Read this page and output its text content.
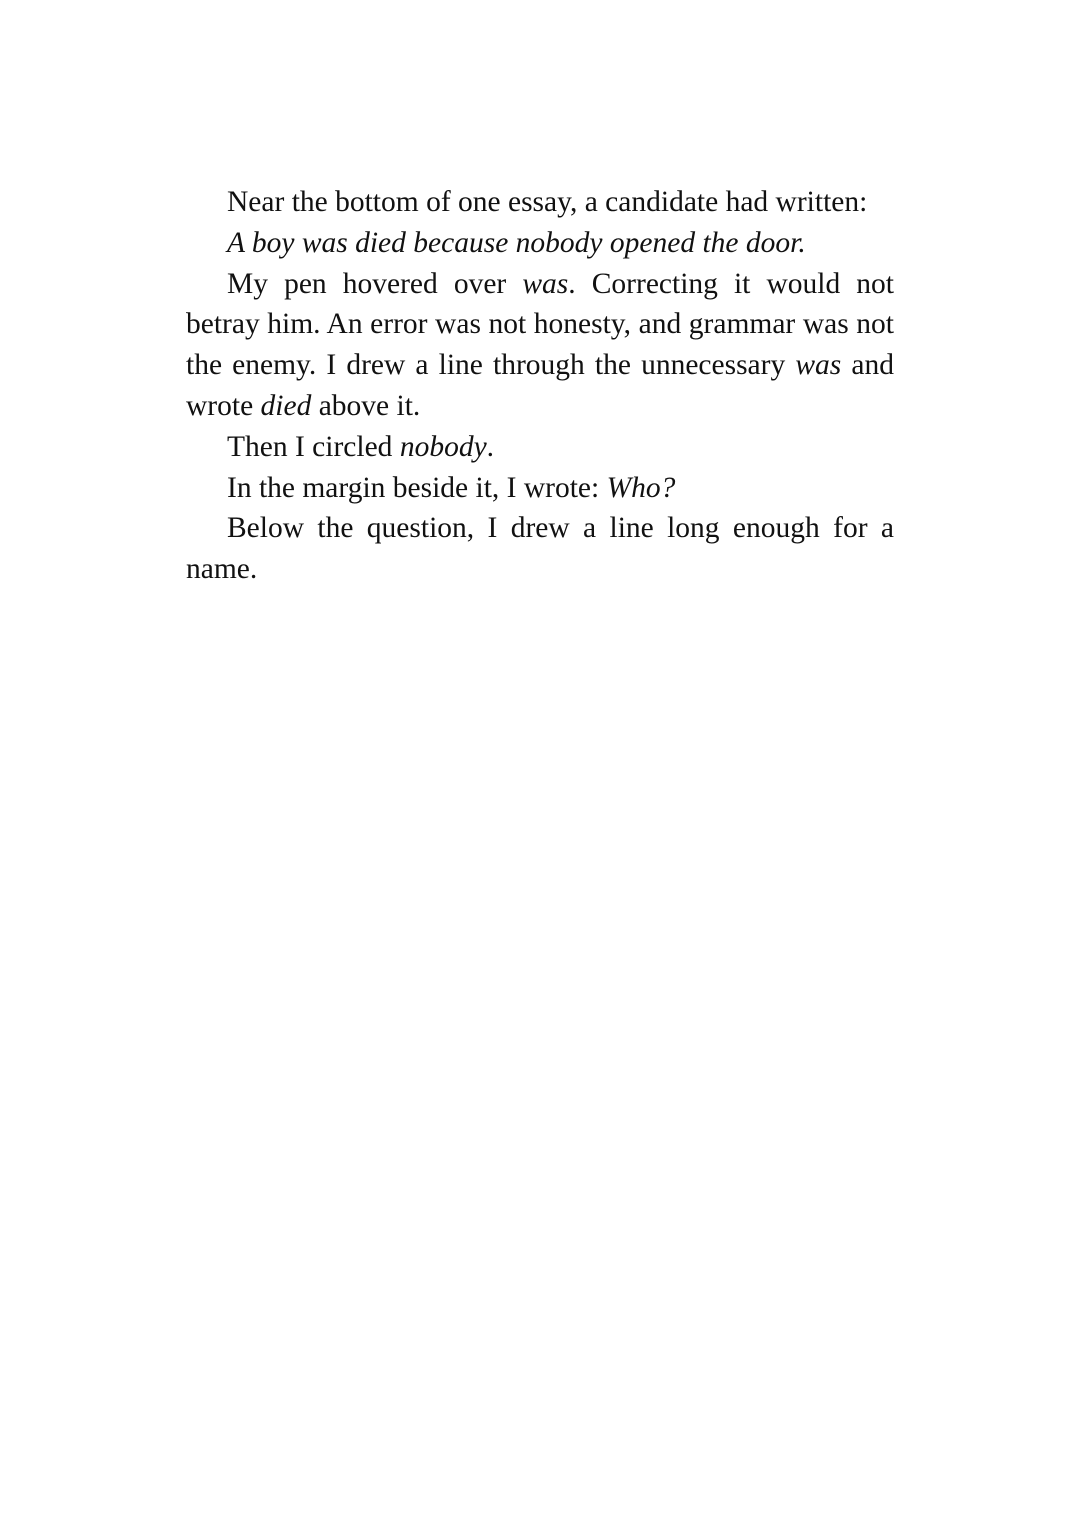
Near the bottom of one essay, a candidate had written:

A boy was died because nobody opened the door.

My pen hovered over was. Correcting it would not betray him. An error was not honesty, and grammar was not the enemy. I drew a line through the unnecessary was and wrote died above it.

Then I circled nobody.

In the margin beside it, I wrote: Who?

Below the question, I drew a line long enough for a name.
